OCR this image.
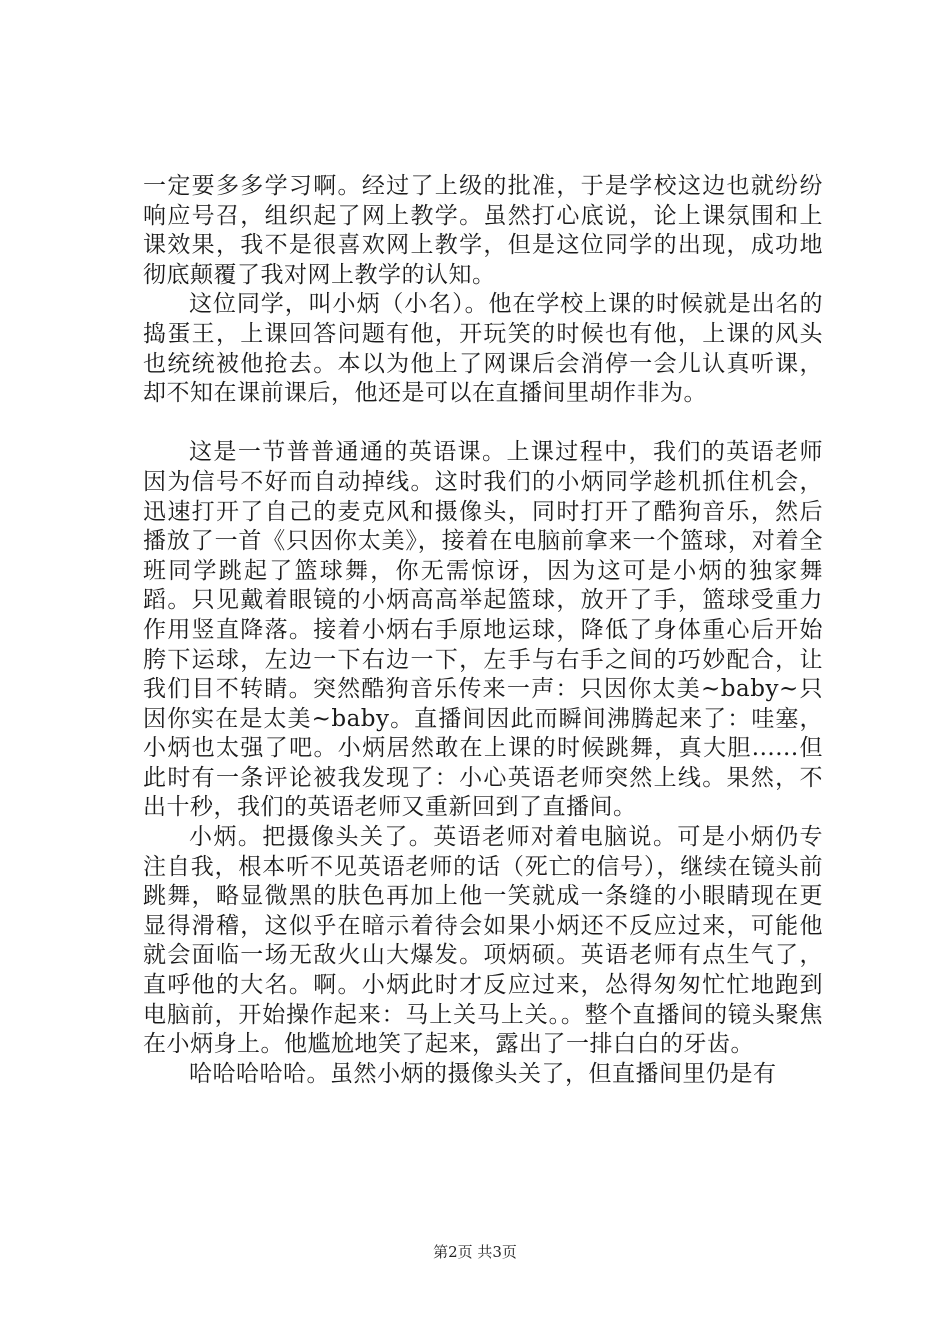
一定要多多学习啊。经过了上级的批准，于是学校这边也就纷纷响应号召，组织起了网上教学。虽然打心底说，论上课氛围和上课效果，我不是很喜欢网上教学，但是这位同学的出现，成功地彻底颠覆了我对网上教学的认知。

这位同学，叫小炳（小名）。他在学校上课的时候就是出名的捣蛋王，上课回答问题有他，开玩笑的时候也有他，上课的风头也统统被他抢去。本以为他上了网课后会消停一会儿认真听课，却不知在课前课后，他还是可以在直播间里胡作非为。

这是一节普普通通的英语课。上课过程中，我们的英语老师因为信号不好而自动掉线。这时我们的小炳同学趁机抓住机会，迅速打开了自己的麦克风和摄像头，同时打开了酷狗音乐，然后播放了一首《只因你太美》，接着在电脑前拿来一个篮球，对着全班同学跳起了篮球舞，你无需惊讶，因为这可是小炳的独家舞蹈。只见戴着眼镜的小炳高高举起篮球，放开了手，篮球受重力作用竖直降落。接着小炳右手原地运球，降低了身体重心后开始胯下运球，左边一下右边一下，左手与右手之间的巧妙配合，让我们目不转睛。突然酷狗音乐传来一声：只因你太美~baby~只因你实在是太美~baby。直播间因此而瞬间沸腾起来了：哇塞，小炳也太强了吧。小炳居然敢在上课的时候跳舞，真大胆......但此时有一条评论被我发现了：小心英语老师突然上线。果然，不出十秒，我们的英语老师又重新回到了直播间。

小炳。把摄像头关了。英语老师对着电脑说。可是小炳仍专注自我，根本听不见英语老师的话（死亡的信号），继续在镜头前跳舞，略显微黑的肤色再加上他一笑就成一条缝的小眼睛现在更显得滑稽，这似乎在暗示着待会如果小炳还不反应过来，可能他就会面临一场无敌火山大爆发。项炳硕。英语老师有点生气了，直呼他的大名。啊。小炳此时才反应过来，怂得匆匆忙忙地跑到电脑前，开始操作起来：马上关马上关。。整个直播间的镜头聚焦在小炳身上。他尴尬地笑了起来，露出了一排白白的牙齿。

哈哈哈哈哈。虽然小炳的摄像头关了，但直播间里仍是有

第2页 共3页
